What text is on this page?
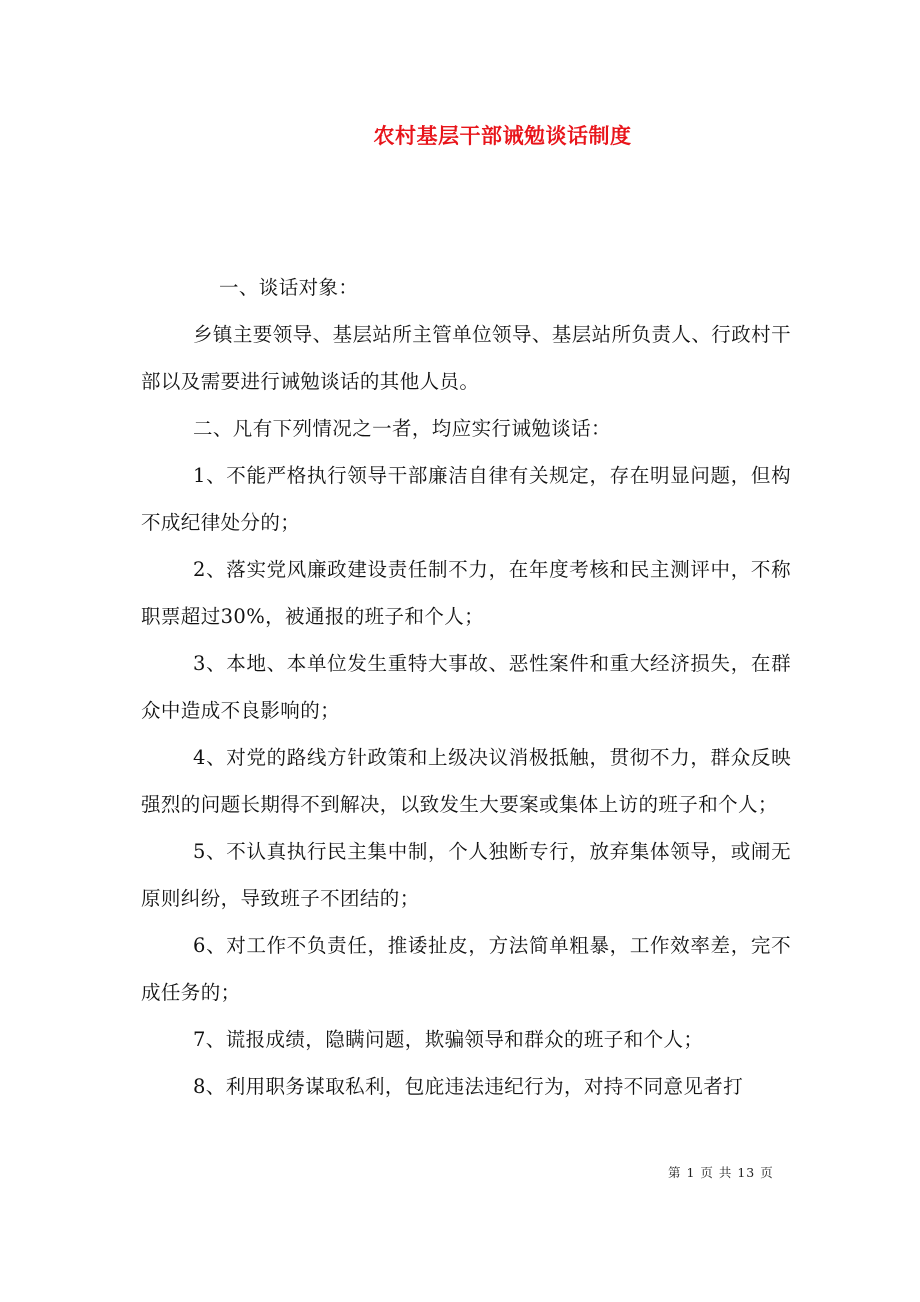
农村基层干部诫勉谈话制度

一、谈话对象：

乡镇主要领导、基层站所主管单位领导、基层站所负责人、行政村干部以及需要进行诫勉谈话的其他人员。

二、凡有下列情况之一者，均应实行诫勉谈话：

1、不能严格执行领导干部廉洁自律有关规定，存在明显问题，但构不成纪律处分的；

2、落实党风廉政建设责任制不力，在年度考核和民主测评中，不称职票超过30%，被通报的班子和个人；

3、本地、本单位发生重特大事故、恶性案件和重大经济损失，在群众中造成不良影响的；

4、对党的路线方针政策和上级决议消极抵触，贯彻不力，群众反映强烈的问题长期得不到解决，以致发生大要案或集体上访的班子和个人；

5、不认真执行民主集中制，个人独断专行，放弃集体领导，或闹无原则纠纷，导致班子不团结的；

6、对工作不负责任，推诿扯皮，方法简单粗暴，工作效率差，完不成任务的；

7、谎报成绩，隐瞒问题，欺骗领导和群众的班子和个人；

8、利用职务谋取私利，包庇违法违纪行为，对持不同意见者打

第 1 页 共 13 页
